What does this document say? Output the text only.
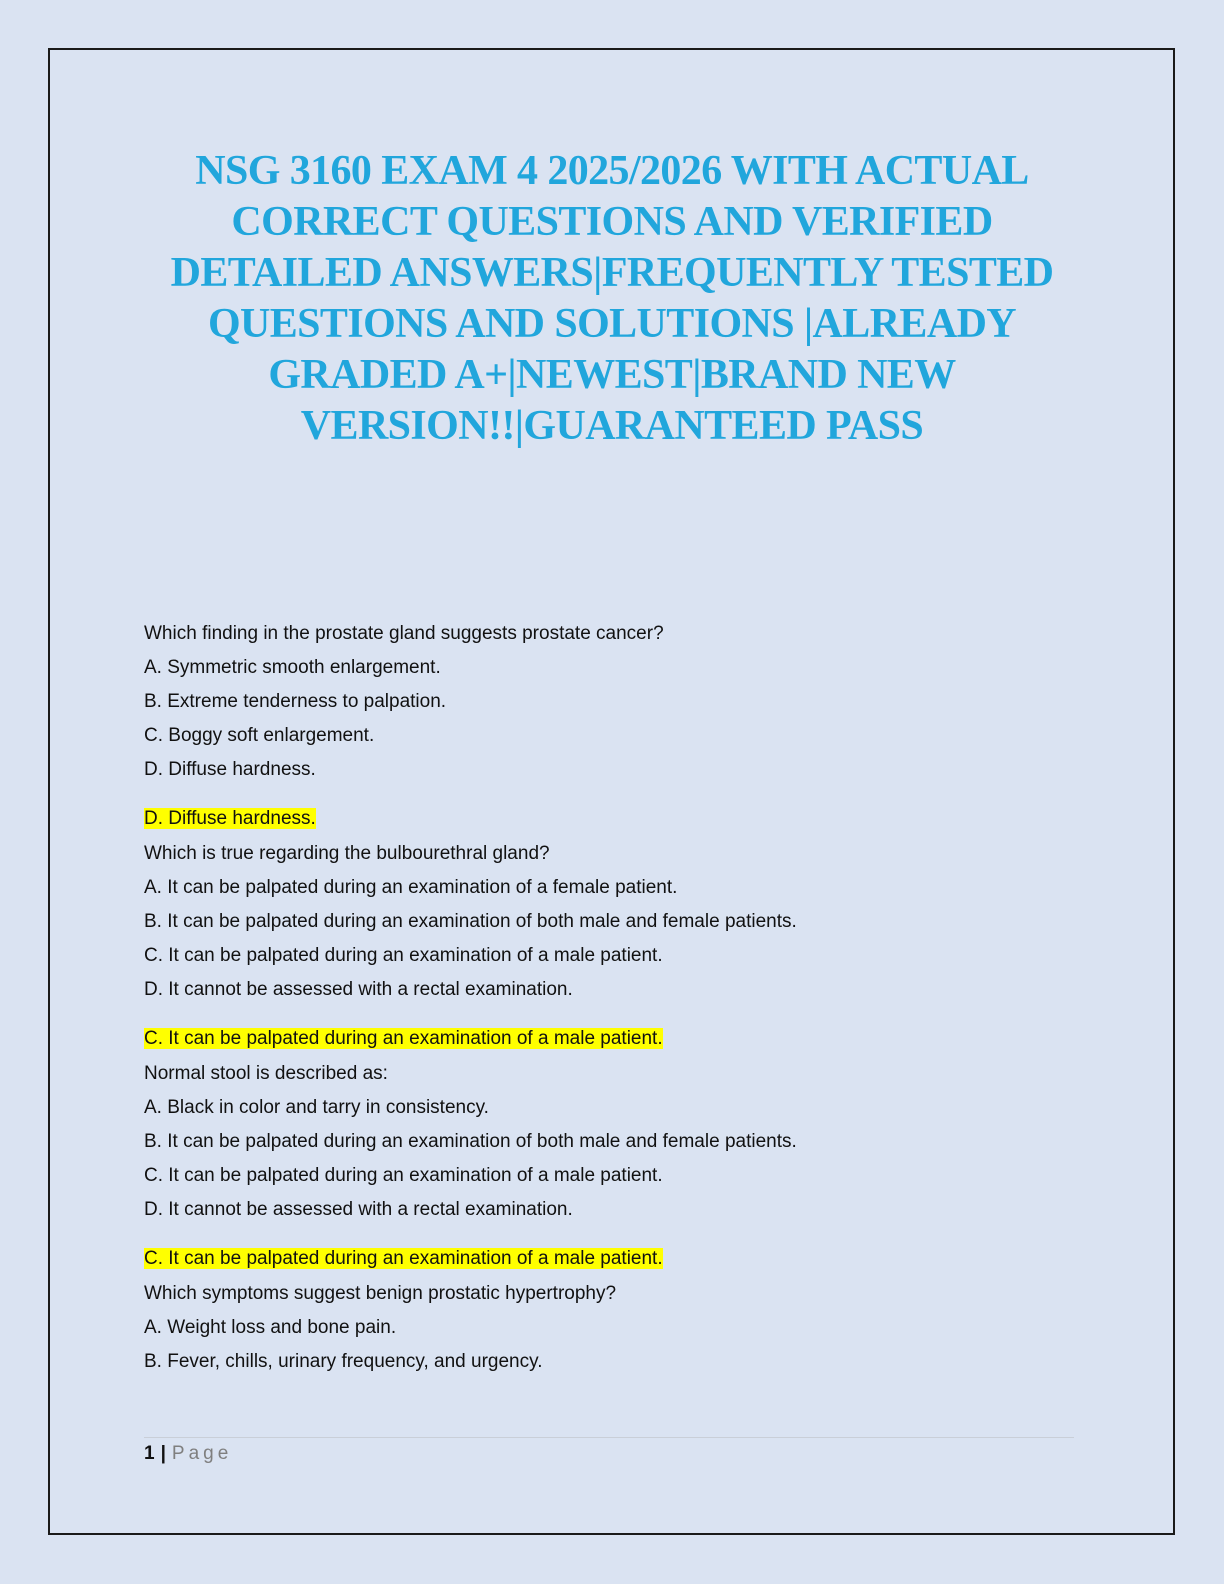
NSG 3160 EXAM 4 2025/2026 WITH ACTUAL CORRECT QUESTIONS AND VERIFIED DETAILED ANSWERS|FREQUENTLY TESTED QUESTIONS AND SOLUTIONS |ALREADY GRADED A+|NEWEST|BRAND NEW VERSION!!|GUARANTEED PASS
Which finding in the prostate gland suggests prostate cancer?
A. Symmetric smooth enlargement.
B. Extreme tenderness to palpation.
C. Boggy soft enlargement.
D. Diffuse hardness.
D. Diffuse hardness.
Which is true regarding the bulbourethral gland?
A. It can be palpated during an examination of a female patient.
B. It can be palpated during an examination of both male and female patients.
C. It can be palpated during an examination of a male patient.
D. It cannot be assessed with a rectal examination.
C. It can be palpated during an examination of a male patient.
Normal stool is described as:
A. Black in color and tarry in consistency.
B. It can be palpated during an examination of both male and female patients.
C. It can be palpated during an examination of a male patient.
D. It cannot be assessed with a rectal examination.
C. It can be palpated during an examination of a male patient.
Which symptoms suggest benign prostatic hypertrophy?
A. Weight loss and bone pain.
B. Fever, chills, urinary frequency, and urgency.
1 | Page
